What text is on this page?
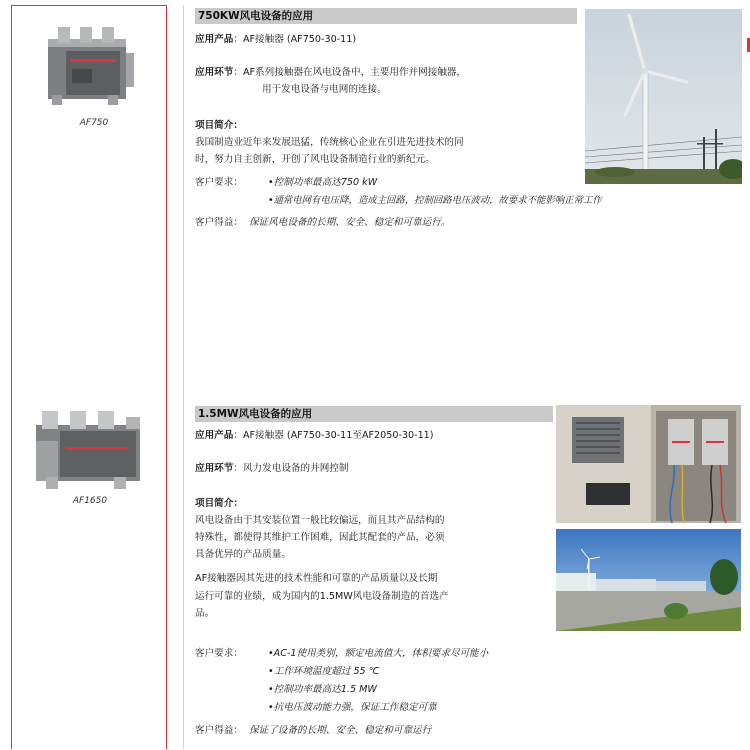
AF750
750KW风电设备的应用
应用产品：AF接触器 (AF750-30-11)
应用环节：AF系列接触器在风电设备中，主要用作并网接触器，
用于发电设备与电网的连接。
项目简介：
我国制造业近年来发展迅猛，传统核心企业在引进先进技术的同
时，努力自主创新，开创了风电设备制造行业的新纪元。
客户要求：	•控制功率最高达750 kW
•通常电网有电压降，造成主回路，控制回路电压波动，故要求不能影响正常工作
客户得益： 保证风电设备的长期、安全、稳定和可靠运行。
AF1650
1.5MW风电设备的应用
应用产品：AF接触器 (AF750-30-11至AF2050-30-11)
应用环节：风力发电设备的并网控制
项目简介：
风电设备由于其安装位置一般比较偏远，而且其产品结构的
特殊性，都使得其维护工作困难，因此其配套的产品，必须
具备优异的产品质量。
AF接触器因其先进的技术性能和可靠的产品质量以及长期
运行可靠的业绩，成为国内的1.5MW风电设备制造的首选产
品。
客户要求：	•AC-1使用类别，额定电流值大，体积要求尽可能小
•工作环境温度超过 55 ℃
•控制功率最高达1.5 MW
•抗电压波动能力强，保证工作稳定可靠
客户得益： 保证了设备的长期、安全、稳定和可靠运行
